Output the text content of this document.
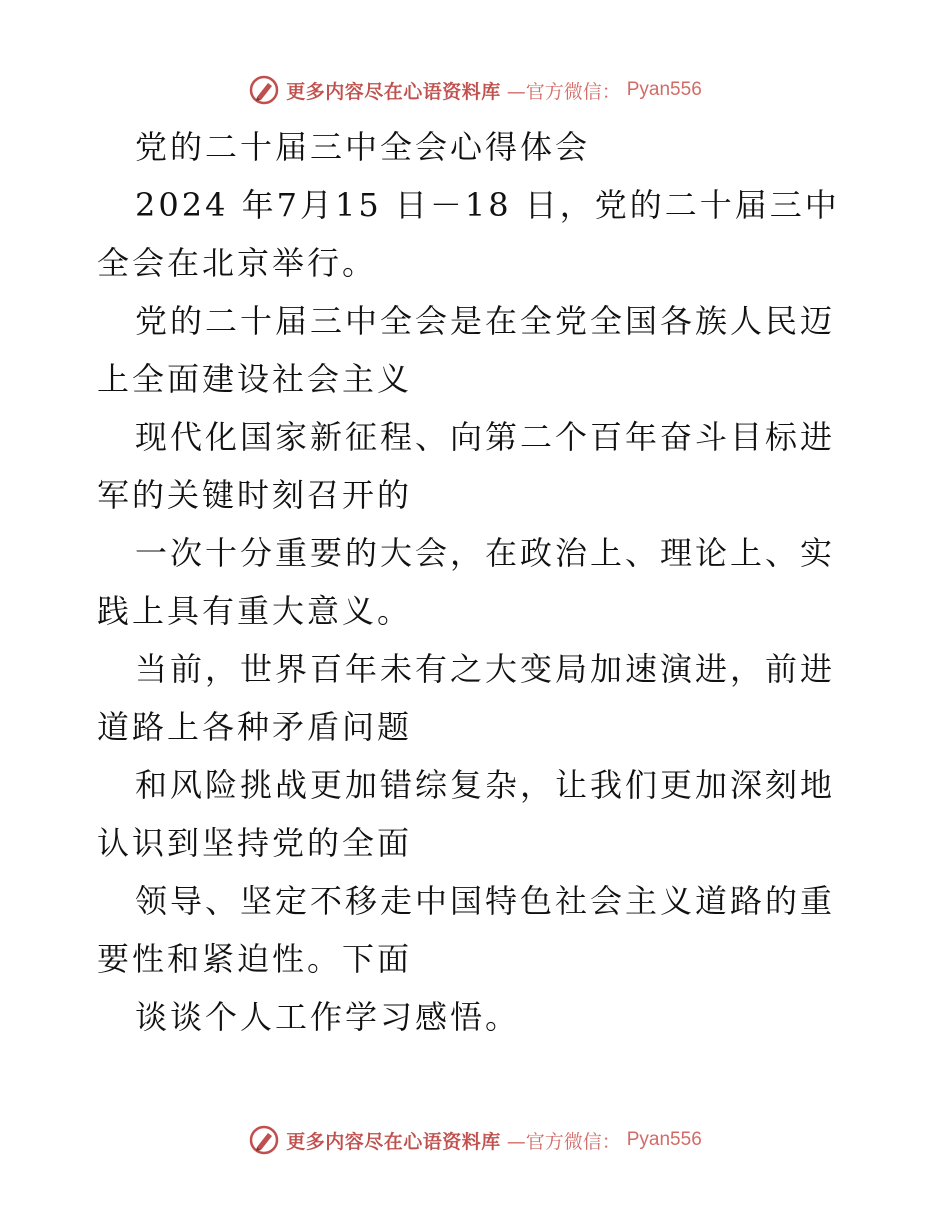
更多内容尽在心语资料库 —官方微信： Pyan556

党的二十届三中全会心得体会

2024 年7月15 日－18 日，党的二十届三中全会在北京举行。

党的二十届三中全会是在全党全国各族人民迈上全面建设社会主义

现代化国家新征程、向第二个百年奋斗目标进军的关键时刻召开的

一次十分重要的大会，在政治上、理论上、实践上具有重大意义。

当前，世界百年未有之大变局加速演进，前进道路上各种矛盾问题

和风险挑战更加错综复杂，让我们更加深刻地认识到坚持党的全面

领导、坚定不移走中国特色社会主义道路的重要性和紧迫性。下面

谈谈个人工作学习感悟。

更多内容尽在心语资料库 —官方微信： Pyan556
